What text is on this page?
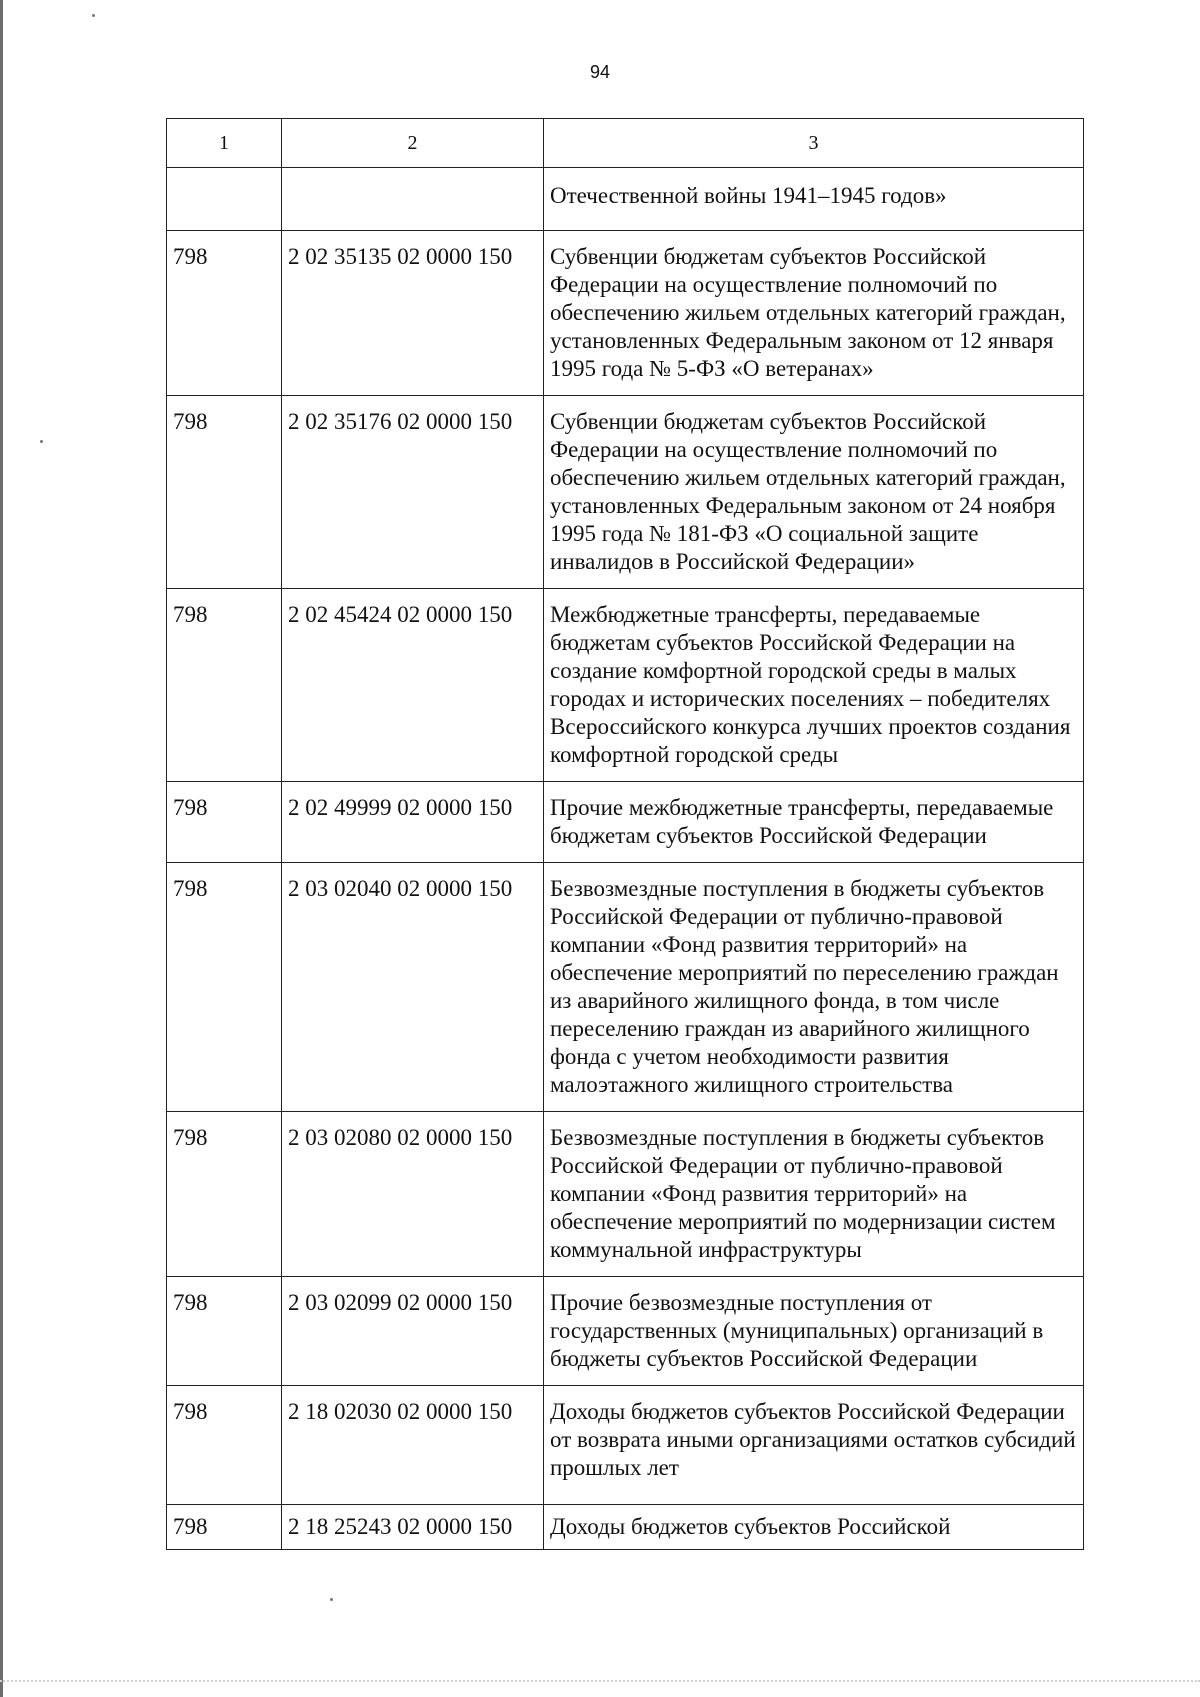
94
1	2	3
		Отечественной войны 1941–1945 годов»
798	2 02 35135 02 0000 150	Субвенции бюджетам субъектов Российской Федерации на осуществление полномочий по обеспечению жильем отдельных категорий граждан, установленных Федеральным законом от 12 января 1995 года № 5-ФЗ «О ветеранах»
798	2 02 35176 02 0000 150	Субвенции бюджетам субъектов Российской Федерации на осуществление полномочий по обеспечению жильем отдельных категорий граждан, установленных Федеральным законом от 24 ноября 1995 года № 181-ФЗ «О социальной защите инвалидов в Российской Федерации»
798	2 02 45424 02 0000 150	Межбюджетные трансферты, передаваемые бюджетам субъектов Российской Федерации на создание комфортной городской среды в малых городах и исторических поселениях – победителях Всероссийского конкурса лучших проектов создания комфортной городской среды
798	2 02 49999 02 0000 150	Прочие межбюджетные трансферты, передаваемые бюджетам субъектов Российской Федерации
798	2 03 02040 02 0000 150	Безвозмездные поступления в бюджеты субъектов Российской Федерации от публично-правовой компании «Фонд развития территорий» на обеспечение мероприятий по переселению граждан из аварийного жилищного фонда, в том числе переселению граждан из аварийного жилищного фонда с учетом необходимости развития малоэтажного жилищного строительства
798	2 03 02080 02 0000 150	Безвозмездные поступления в бюджеты субъектов Российской Федерации от публично-правовой компании «Фонд развития территорий» на обеспечение мероприятий по модернизации систем коммунальной инфраструктуры
798	2 03 02099 02 0000 150	Прочие безвозмездные поступления от государственных (муниципальных) организаций в бюджеты субъектов Российской Федерации
798	2 18 02030 02 0000 150	Доходы бюджетов субъектов Российской Федерации от возврата иными организациями остатков субсидий прошлых лет
798	2 18 25243 02 0000 150	Доходы бюджетов субъектов Российской
